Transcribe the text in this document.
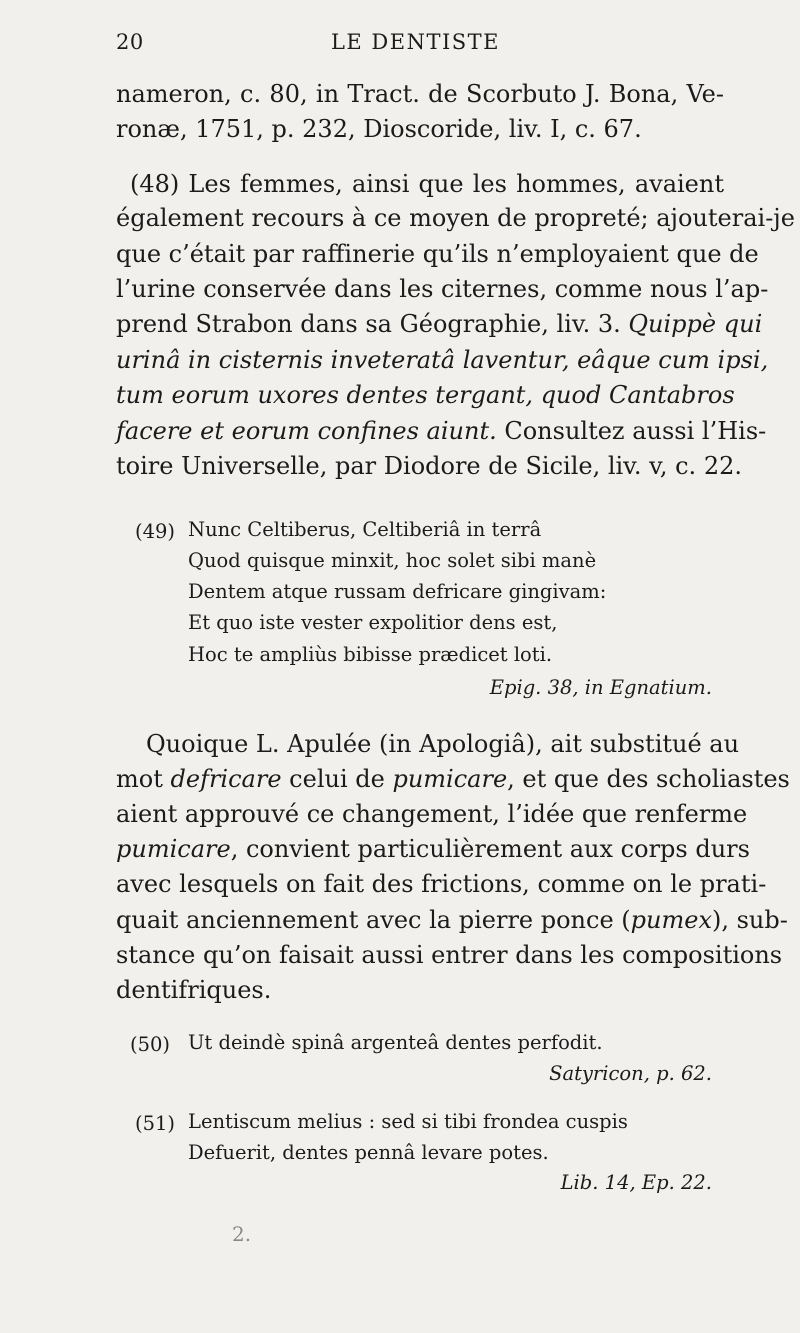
20	LE DENTISTE
nameron, c. 80, in Tract. de Scorbuto J. Bona, Ve-
ronæ, 1751, p. 232, Dioscoride, liv. I, c. 67.
(48) Les femmes, ainsi que les hommes, avaient
également recours à ce moyen de propreté; ajouterai-je
que c’était par raffinerie qu’ils n’employaient que de
l’urine conservée dans les citernes, comme nous l’ap-
prend Strabon dans sa Géographie, liv. 3. Quippè qui
urinâ in cisternis inveteratâ laventur, eâque cum ipsi,
tum eorum uxores dentes tergant, quod Cantabros
facere et eorum confines aiunt. Consultez aussi l’His-
toire Universelle, par Diodore de Sicile, liv. v, c. 22.
(49) Nunc Celtiberus, Celtiberiâ in terrâ
Quod quisque minxit, hoc solet sibi manè
Dentem atque russam defricare gingivam:
Et quo iste vester expolitior dens est,
Hoc te ampliùs bibisse prædicet loti.
Epig. 38, in Egnatium.
Quoique L. Apulée (in Apologiâ), ait substitué au
mot defricare celui de pumicare, et que des scholiastes
aient approuvé ce changement, l’idée que renferme
pumicare, convient particulièrement aux corps durs
avec lesquels on fait des frictions, comme on le prati-
quait anciennement avec la pierre ponce (pumex), sub-
stance qu’on faisait aussi entrer dans les compositions
dentifriques.
(50) Ut deindè spinâ argenteâ dentes perfodit.
Satyricon, p. 62.
(51) Lentiscum melius : sed si tibi frondea cuspis
Defuerit, dentes pennâ levare potes.
Lib. 14, Ep. 22.
2.
